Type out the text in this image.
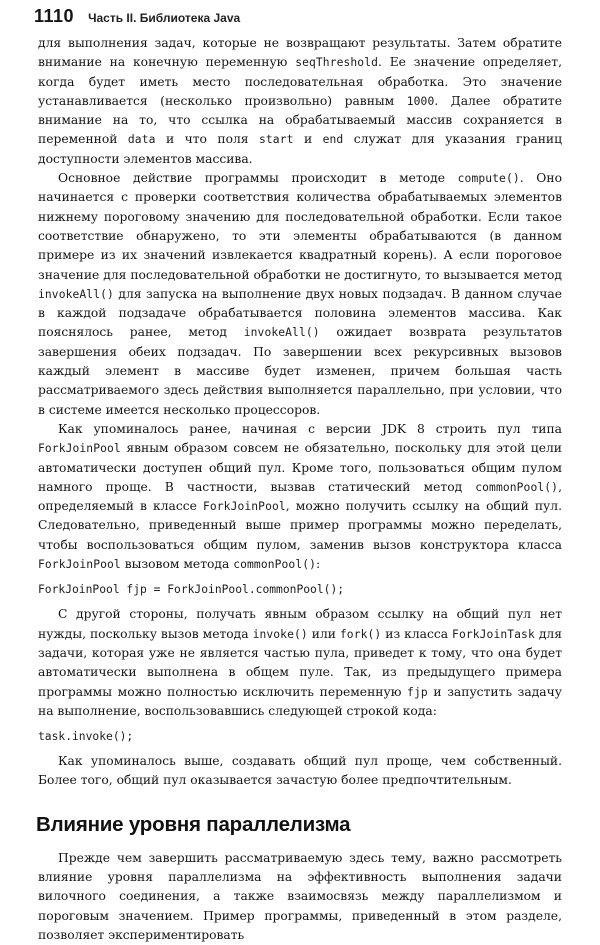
1110 Часть II. Библиотека Java

для выполнения задач, которые не возвращают результаты. Затем обратите внимание на конечную переменную seqThreshold. Ее значение определяет, когда будет иметь место последовательная обработка. Это значение устанавливается (несколько произвольно) равным 1000. Далее обратите внимание на то, что ссылка на обрабатываемый массив сохраняется в переменной data и что поля start и end служат для указания границ доступности элементов массива.

Основное действие программы происходит в методе compute(). Оно начинается с проверки соответствия количества обрабатываемых элементов нижнему пороговому значению для последовательной обработки. Если такое соответствие обнаружено, то эти элементы обрабатываются (в данном примере из их значений извлекается квадратный корень). А если пороговое значение для последовательной обработки не достигнуто, то вызывается метод invokeAll() для запуска на выполнение двух новых подзадач. В данном случае в каждой подзадаче обрабатывается половина элементов массива. Как пояснялось ранее, метод invokeAll() ожидает возврата результатов завершения обеих подзадач. По завершении всех рекурсивных вызовов каждый элемент в массиве будет изменен, причем большая часть рассматриваемого здесь действия выполняется параллельно, при условии, что в системе имеется несколько процессоров.

Как упоминалось ранее, начиная с версии JDK 8 строить пул типа ForkJoinPool явным образом совсем не обязательно, поскольку для этой цели автоматически доступен общий пул. Кроме того, пользоваться общим пулом намного проще. В частности, вызвав статический метод commonPool(), определяемый в классе ForkJoinPool, можно получить ссылку на общий пул. Следовательно, приведенный выше пример программы можно переделать, чтобы воспользоваться общим пулом, заменив вызов конструктора класса ForkJoinPool вызовом метода commonPool():

ForkJoinPool fjp = ForkJoinPool.commonPool();

С другой стороны, получать явным образом ссылку на общий пул нет нужды, поскольку вызов метода invoke() или fork() из класса ForkJoinTask для задачи, которая уже не является частью пула, приведет к тому, что она будет автоматически выполнена в общем пуле. Так, из предыдущего примера программы можно полностью исключить переменную fjp и запустить задачу на выполнение, воспользовавшись следующей строкой кода:

task.invoke();

Как упоминалось выше, создавать общий пул проще, чем собственный. Более того, общий пул оказывается зачастую более предпочтительным.

Влияние уровня параллелизма

Прежде чем завершить рассматриваемую здесь тему, важно рассмотреть влияние уровня параллелизма на эффективность выполнения задачи вилочного соединения, а также взаимосвязь между параллелизмом и пороговым значением. Пример программы, приведенный в этом разделе, позволяет экспериментировать
